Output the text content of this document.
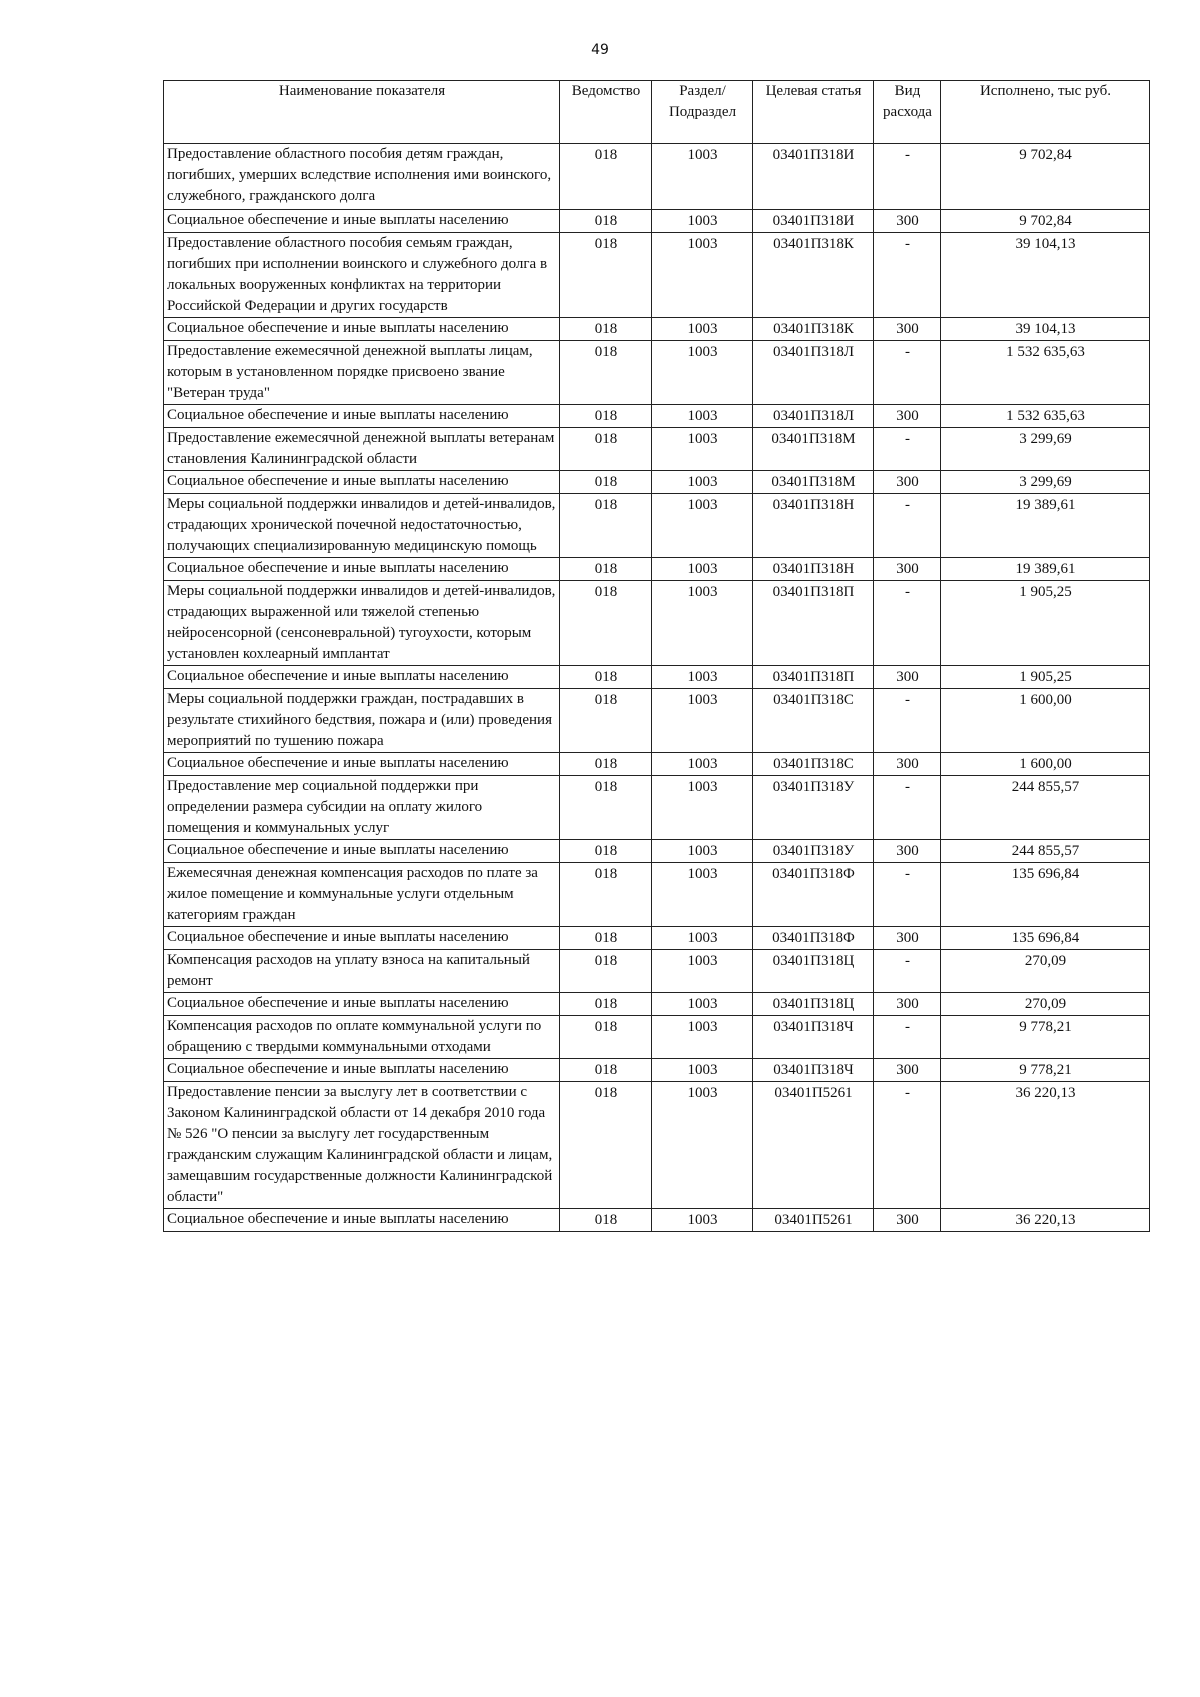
49
Наименование показателя	Ведомство	Раздел/ Подраздел	Целевая статья	Вид расхода	Исполнено, тыс руб.
Предоставление областного пособия детям граждан, погибших, умерших вследствие исполнения ими воинского, служебного, гражданского долга	018	1003	03401П318И	-	9 702,84
Социальное обеспечение и иные выплаты населению	018	1003	03401П318И	300	9 702,84
Предоставление областного пособия семьям граждан, погибших при исполнении воинского и служебного долга в локальных вооруженных конфликтах на территории Российской Федерации и других государств	018	1003	03401П318К	-	39 104,13
Социальное обеспечение и иные выплаты населению	018	1003	03401П318К	300	39 104,13
Предоставление ежемесячной денежной выплаты лицам, которым в установленном порядке присвоено звание "Ветеран труда"	018	1003	03401П318Л	-	1 532 635,63
Социальное обеспечение и иные выплаты населению	018	1003	03401П318Л	300	1 532 635,63
Предоставление ежемесячной денежной выплаты ветеранам становления Калининградской области	018	1003	03401П318М	-	3 299,69
Социальное обеспечение и иные выплаты населению	018	1003	03401П318М	300	3 299,69
Меры социальной поддержки инвалидов и детей-инвалидов, страдающих хронической почечной недостаточностью, получающих специализированную медицинскую помощь	018	1003	03401П318Н	-	19 389,61
Социальное обеспечение и иные выплаты населению	018	1003	03401П318Н	300	19 389,61
Меры социальной поддержки инвалидов и детей-инвалидов, страдающих выраженной или тяжелой степенью нейросенсорной (сенсоневральной) тугоухости, которым установлен кохлеарный имплантат	018	1003	03401П318П	-	1 905,25
Социальное обеспечение и иные выплаты населению	018	1003	03401П318П	300	1 905,25
Меры социальной поддержки граждан, пострадавших в результате стихийного бедствия, пожара и (или) проведения мероприятий по тушению пожара	018	1003	03401П318С	-	1 600,00
Социальное обеспечение и иные выплаты населению	018	1003	03401П318С	300	1 600,00
Предоставление мер социальной поддержки при определении размера субсидии на оплату жилого помещения и коммунальных услуг	018	1003	03401П318У	-	244 855,57
Социальное обеспечение и иные выплаты населению	018	1003	03401П318У	300	244 855,57
Ежемесячная денежная компенсация расходов по плате за жилое помещение и коммунальные услуги отдельным категориям граждан	018	1003	03401П318Ф	-	135 696,84
Социальное обеспечение и иные выплаты населению	018	1003	03401П318Ф	300	135 696,84
Компенсация расходов на уплату взноса на капитальный ремонт	018	1003	03401П318Ц	-	270,09
Социальное обеспечение и иные выплаты населению	018	1003	03401П318Ц	300	270,09
Компенсация расходов по оплате коммунальной услуги по обращению с твердыми коммунальными отходами	018	1003	03401П318Ч	-	9 778,21
Социальное обеспечение и иные выплаты населению	018	1003	03401П318Ч	300	9 778,21
Предоставление пенсии за выслугу лет в соответствии с Законом Калининградской области от 14 декабря 2010 года № 526 "О пенсии за выслугу лет государственным гражданским служащим Калининградской области и лицам, замещавшим государственные должности Калининградской области"	018	1003	03401П5261	-	36 220,13
Социальное обеспечение и иные выплаты населению	018	1003	03401П5261	300	36 220,13
